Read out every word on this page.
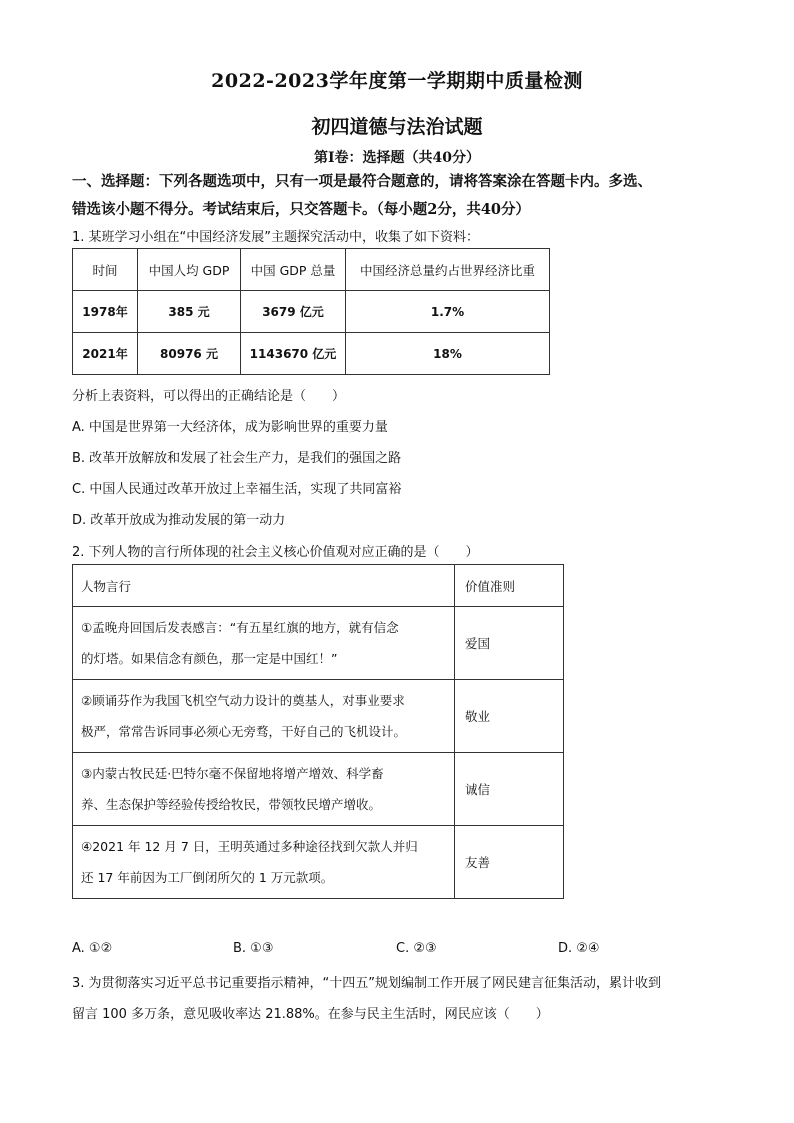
2022-2023学年度第一学期期中质量检测
初四道德与法治试题
第Ⅰ卷：选择题（共40分）
一、选择题：下列各题选项中，只有一项是最符合题意的，请将答案涂在答题卡内。多选、
错选该小题不得分。考试结束后，只交答题卡。（每小题2分，共40分）
1. 某班学习小组在“中国经济发展”主题探究活动中，收集了如下资料：
时间	中国人均 GDP	中国 GDP 总量	中国经济总量约占世界经济比重
1978年	385 元	3679 亿元	1.7%
2021年	80976 元	1143670 亿元	18%
分析上表资料，可以得出的正确结论是（　　）
A. 中国是世界第一大经济体，成为影响世界的重要力量
B. 改革开放解放和发展了社会生产力，是我们的强国之路
C. 中国人民通过改革开放过上幸福生活，实现了共同富裕
D. 改革开放成为推动发展的第一动力
2. 下列人物的言行所体现的社会主义核心价值观对应正确的是（　　）
人物言行	价值准则

①孟晚舟回国后发表感言：“有五星红旗的地方，就有信念
的灯塔。如果信念有颜色，那一定是中国红！”	爱国

②顾诵芬作为我国飞机空气动力设计的奠基人，对事业要求
极严，常常告诉同事必须心无旁骛，干好自己的飞机设计。	敬业

③内蒙古牧民廷·巴特尔毫不保留地将增产增效、科学畜
养、生态保护等经验传授给牧民，带领牧民增产增收。	诚信

④2021 年 12 月 7 日，王明英通过多种途径找到欠款人并归
还 17 年前因为工厂倒闭所欠的 1 万元款项。	友善
A. ①②	B. ①③	C. ②③	D. ②④
3. 为贯彻落实习近平总书记重要指示精神，“十四五”规划编制工作开展了网民建言征集活动，累计收到
留言 100 多万条，意见吸收率达 21.88%。在参与民主生活时，网民应该（　　）
